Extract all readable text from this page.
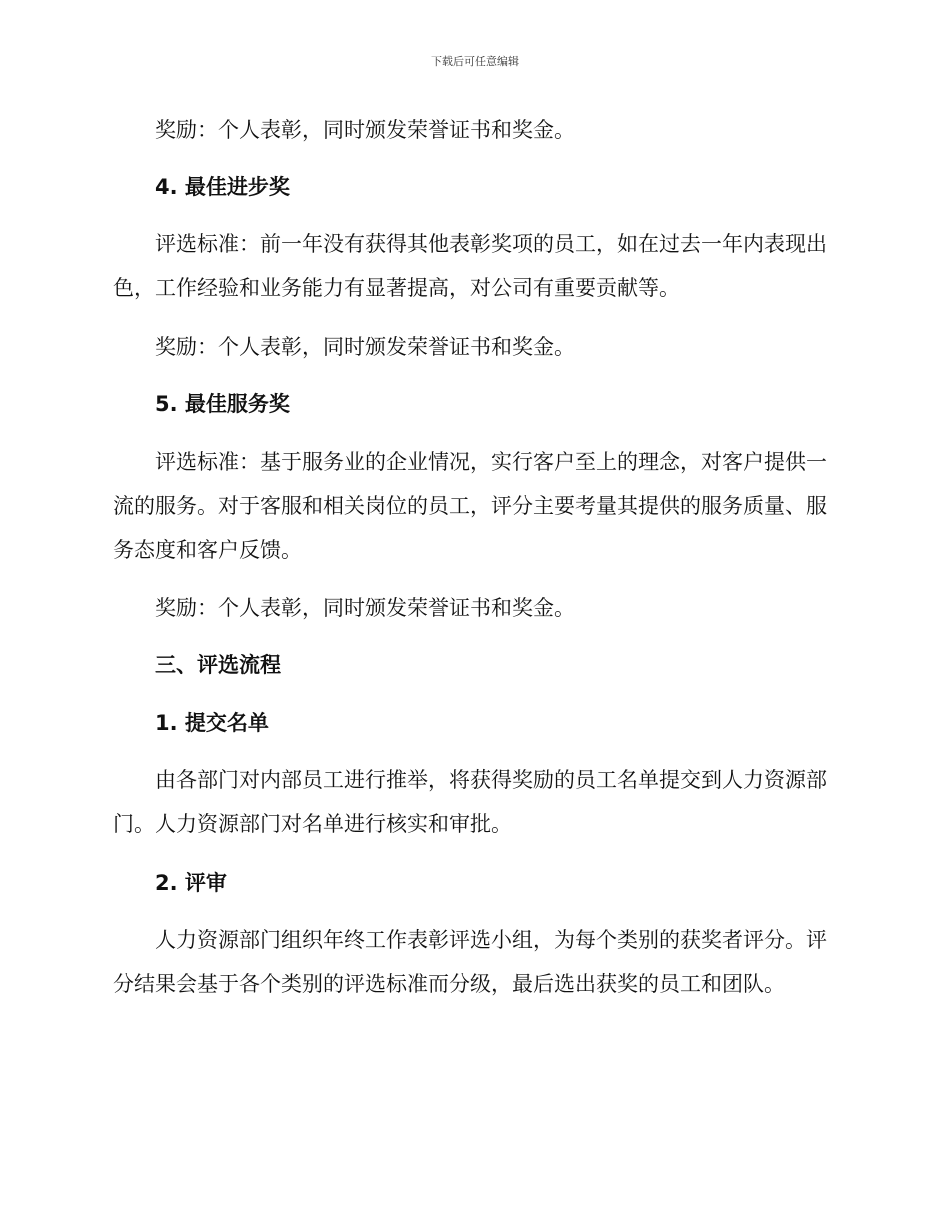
下载后可任意编辑

奖励：个人表彰，同时颁发荣誉证书和奖金。

4. 最佳进步奖

评选标准：前一年没有获得其他表彰奖项的员工，如在过去一年内表现出色，工作经验和业务能力有显著提高，对公司有重要贡献等。

奖励：个人表彰，同时颁发荣誉证书和奖金。

5. 最佳服务奖

评选标准：基于服务业的企业情况，实行客户至上的理念，对客户提供一流的服务。对于客服和相关岗位的员工，评分主要考量其提供的服务质量、服务态度和客户反馈。

奖励：个人表彰，同时颁发荣誉证书和奖金。

三、评选流程

1. 提交名单

由各部门对内部员工进行推举，将获得奖励的员工名单提交到人力资源部门。人力资源部门对名单进行核实和审批。

2. 评审

人力资源部门组织年终工作表彰评选小组，为每个类别的获奖者评分。评分结果会基于各个类别的评选标准而分级，最后选出获奖的员工和团队。
